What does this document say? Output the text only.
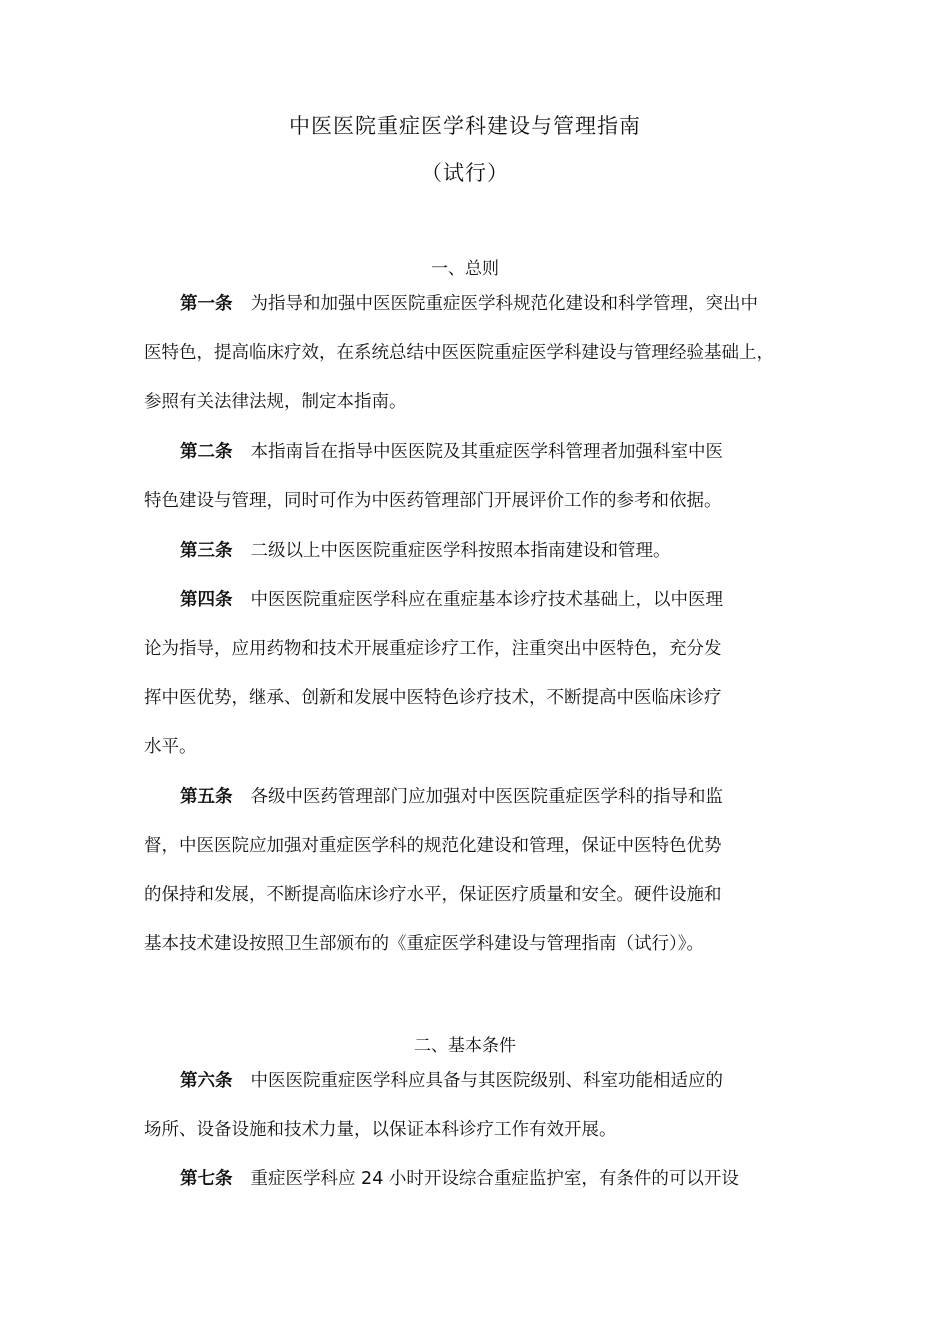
中医医院重症医学科建设与管理指南
（试行）
一、总则
第一条 为指导和加强中医医院重症医学科规范化建设和科学管理，突出中
医特色，提高临床疗效，在系统总结中医医院重症医学科建设与管理经验基础上，
参照有关法律法规，制定本指南。
第二条 本指南旨在指导中医医院及其重症医学科管理者加强科室中医
特色建设与管理，同时可作为中医药管理部门开展评价工作的参考和依据。
第三条 二级以上中医医院重症医学科按照本指南建设和管理。
第四条 中医医院重症医学科应在重症基本诊疗技术基础上，以中医理
论为指导，应用药物和技术开展重症诊疗工作，注重突出中医特色，充分发
挥中医优势，继承、创新和发展中医特色诊疗技术，不断提高中医临床诊疗
水平。
第五条 各级中医药管理部门应加强对中医医院重症医学科的指导和监
督，中医医院应加强对重症医学科的规范化建设和管理，保证中医特色优势
的保持和发展，不断提高临床诊疗水平，保证医疗质量和安全。硬件设施和
基本技术建设按照卫生部颁布的《重症医学科建设与管理指南（试行）》。
二、基本条件
第六条 中医医院重症医学科应具备与其医院级别、科室功能相适应的
场所、设备设施和技术力量，以保证本科诊疗工作有效开展。
第七条 重症医学科应 24 小时开设综合重症监护室，有条件的可以开设
